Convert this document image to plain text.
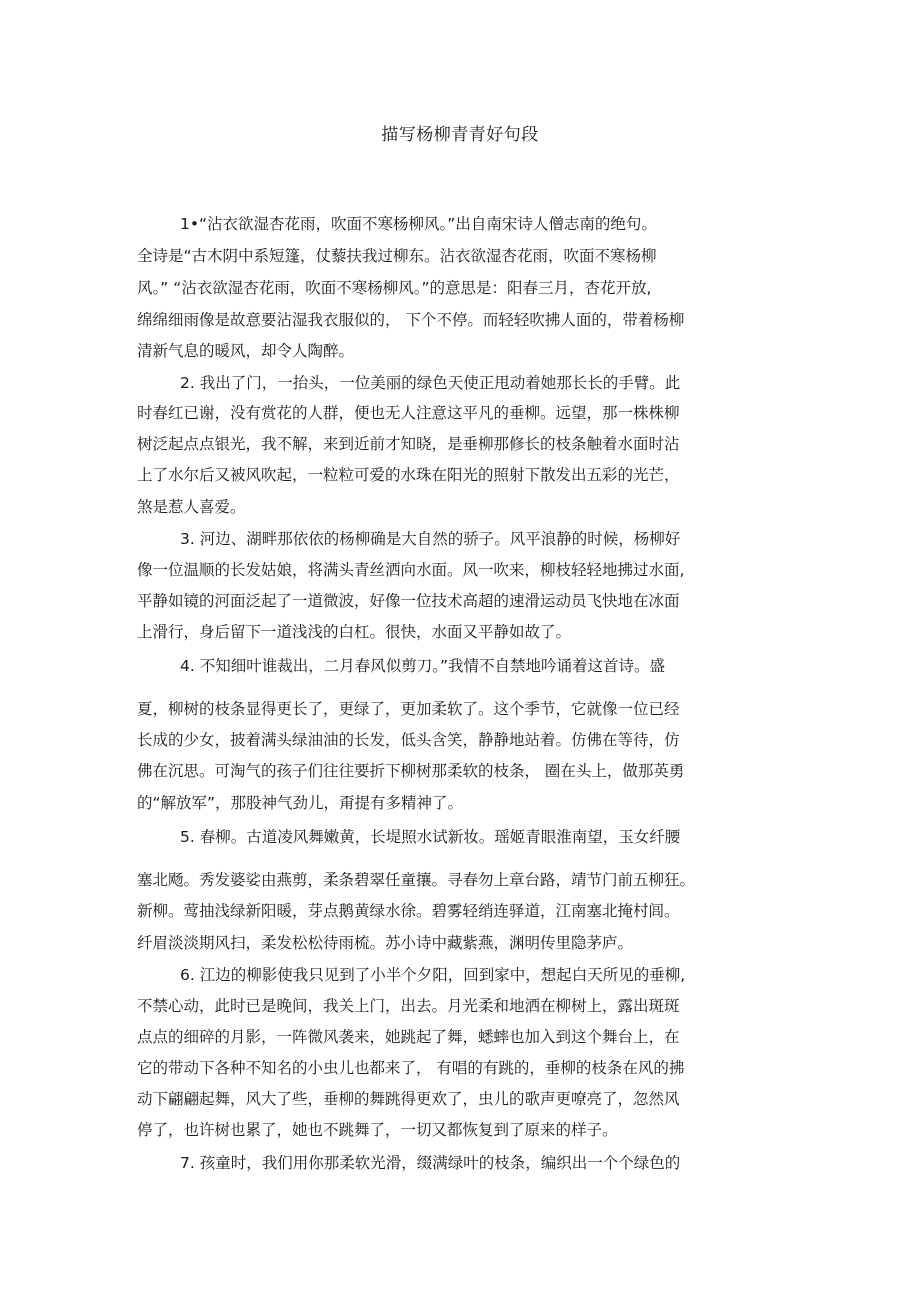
描写杨柳青青好句段
1•“沾衣欲湿杏花雨，吹面不寒杨柳风。”出自南宋诗人僧志南的绝句。
全诗是“古木阴中系短篷，仗藜扶我过柳东。沾衣欲湿杏花雨，吹面不寒杨柳
风。” “沾衣欲湿杏花雨，吹面不寒杨柳风。”的意思是：阳春三月，杏花开放,
绵绵细雨像是故意要沾湿我衣服似的， 下个不停。而轻轻吹拂人面的，带着杨柳
清新气息的暖风，却令人陶醉。
2. 我出了门，一抬头，一位美丽的绿色天使正甩动着她那长长的手臂。此
时春红已谢，没有赏花的人群，便也无人注意这平凡的垂柳。远望，那一株株柳
树泛起点点银光，我不解，来到近前才知晓，是垂柳那修长的枝条触着水面时沾
上了水尔后又被风吹起，一粒粒可爱的水珠在阳光的照射下散发出五彩的光芒，
煞是惹人喜爱。
3. 河边、湖畔那依依的杨柳确是大自然的骄子。风平浪静的时候，杨柳好
像一位温顺的长发姑娘，将满头青丝洒向水面。风一吹来，柳枝轻轻地拂过水面,
平静如镜的河面泛起了一道微波，好像一位技术高超的速滑运动员飞快地在冰面
上滑行，身后留下一道浅浅的白杠。很快，水面又平静如故了。
4. 不知细叶谁裁出，二月春风似剪刀。”我情不自禁地吟诵着这首诗。盛
夏，柳树的枝条显得更长了，更绿了，更加柔软了。这个季节，它就像一位已经
长成的少女，披着满头绿油油的长发，低头含笑，静静地站着。仿佛在等待，仿
佛在沉思。可淘气的孩子们往往要折下柳树那柔软的枝条， 圈在头上，做那英勇
的“解放军”，那股神气劲儿，甭提有多精神了。
5. 春柳。古道凌风舞嫩黄，长堤照水试新妆。瑶姬青眼淮南望，玉女纤腰
塞北飏。秀发婆娑由燕剪，柔条碧翠任童攘。寻春勿上章台路，靖节门前五柳狂。
新柳。莺抽浅绿新阳暖，芽点鹅黄绿水徐。碧雾轻绡连驿道，江南塞北掩村闾。
纤眉淡淡期风扫，柔发松松待雨梳。苏小诗中藏紫燕，渊明传里隐茅庐。
6. 江边的柳影使我只见到了小半个夕阳，回到家中，想起白天所见的垂柳,
不禁心动，此时已是晚间，我关上门，出去。月光柔和地洒在柳树上，露出斑斑
点点的细碎的月影，一阵微风袭来，她跳起了舞，蟋蟀也加入到这个舞台上，在
它的带动下各种不知名的小虫儿也都来了， 有唱的有跳的，垂柳的枝条在风的拂
动下翩翩起舞，风大了些，垂柳的舞跳得更欢了，虫儿的歌声更嘹亮了，忽然风
停了，也许树也累了，她也不跳舞了，一切又都恢复到了原来的样子。
7. 孩童时，我们用你那柔软光滑，缀满绿叶的枝条，编织出一个个绿色的
